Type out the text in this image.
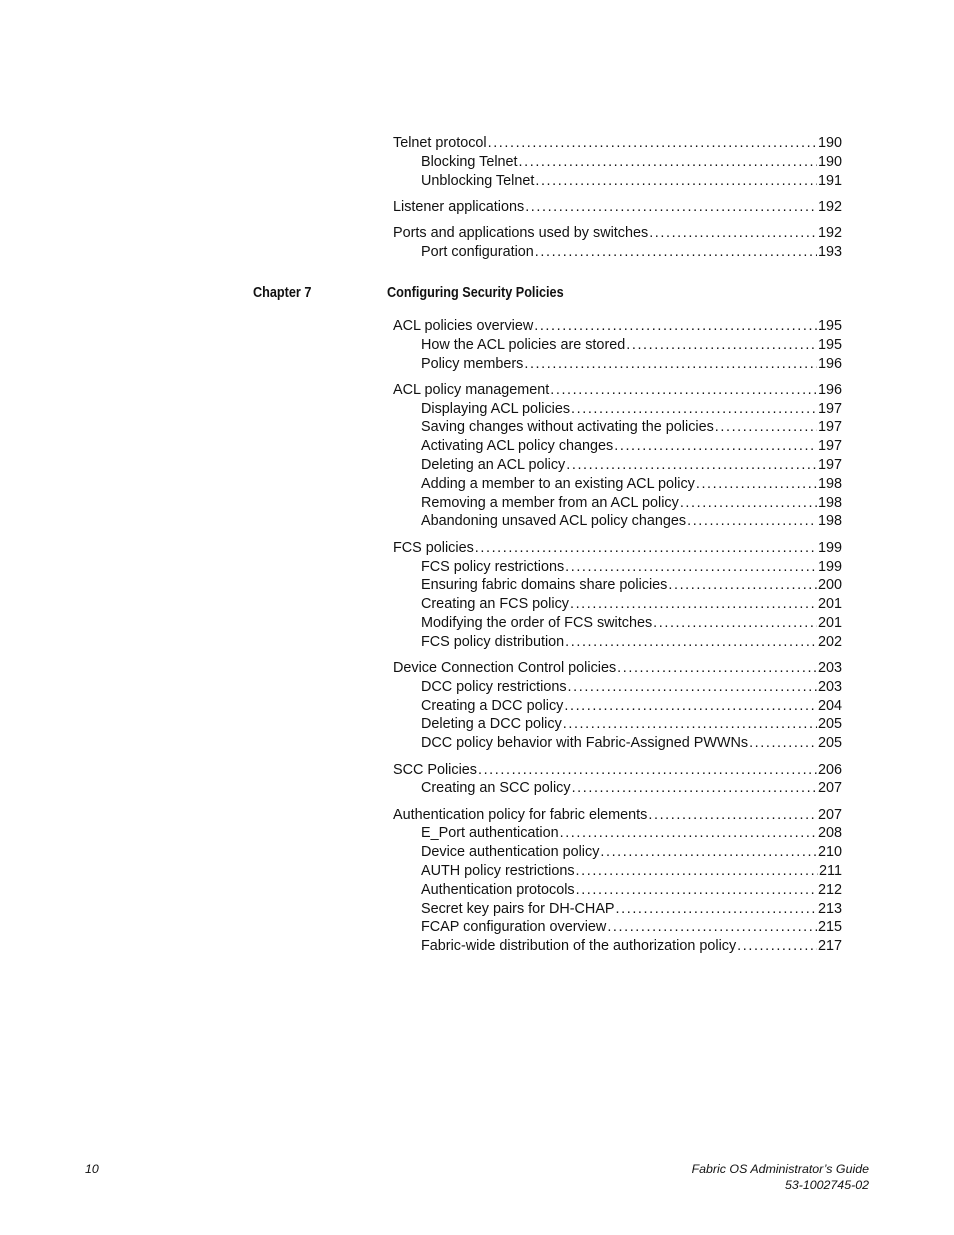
Telnet protocol . . .	190
Blocking Telnet . . .	190
Unblocking Telnet . . .	191
Listener applications . . .	192
Ports and applications used by switches . . .	192
Port configuration . . .	193
Chapter 7	Configuring Security Policies
ACL policies overview . . .	195
How the ACL policies are stored . . .	195
Policy members . . .	196
ACL policy management . . .	196
Displaying ACL policies . . .	197
Saving changes without activating the policies . . .	197
Activating ACL policy changes . . .	197
Deleting an ACL policy . . .	197
Adding a member to an existing ACL policy . . .	198
Removing a member from an ACL policy . . .	198
Abandoning unsaved ACL policy changes . . .	198
FCS policies . . .	199
FCS policy restrictions . . .	199
Ensuring fabric domains share policies . . .	200
Creating an FCS policy . . .	201
Modifying the order of FCS switches . . .	201
FCS policy distribution . . .	202
Device Connection Control policies . . .	203
DCC policy restrictions . . .	203
Creating a DCC policy . . .	204
Deleting a DCC policy . . .	205
DCC policy behavior with Fabric-Assigned PWWNs . . .	205
SCC Policies . . .	206
Creating an SCC policy . . .	207
Authentication policy for fabric elements . . .	207
E_Port authentication . . .	208
Device authentication policy . . .	210
AUTH policy restrictions . . .	211
Authentication protocols . . .	212
Secret key pairs for DH-CHAP . . .	213
FCAP configuration overview . . .	215
Fabric-wide distribution of the authorization policy . . .	217
10	Fabric OS Administrator’s Guide
53-1002745-02
